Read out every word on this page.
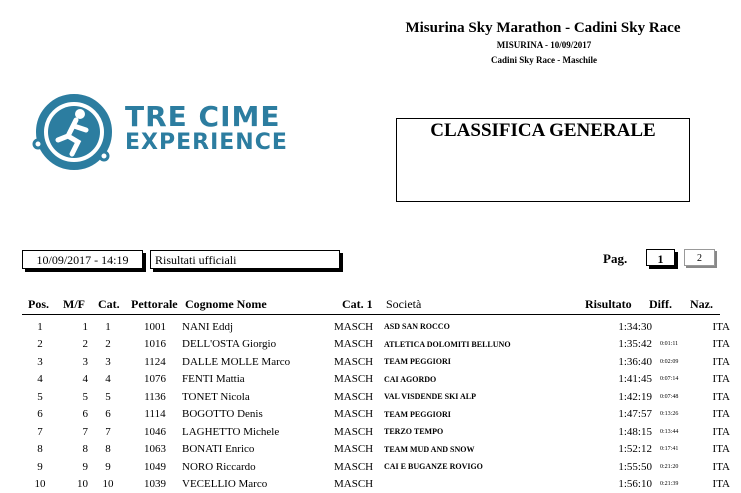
Misurina Sky Marathon - Cadini Sky Race
MISURINA - 10/09/2017
Cadini Sky Race - Maschile
TRE CIME
EXPERIENCE	CLASSIFICA GENERALE
10/09/2017 - 14:19	Risultati ufficiali	Pag.	1	2
Pos. M/F Cat. Pettorale Cognome Nome	Cat. 1 Società	Risultato Diff. Naz.
1	1	1	1001	NANI Eddj	MASCH	ASD SAN ROCCO	1:34:30		ITA
2	2	2	1016	DELL'OSTA Giorgio	MASCH	ATLETICA DOLOMITI BELLUNO	1:35:42	0:01:11	ITA
3	3	3	1124	DALLE MOLLE Marco	MASCH	TEAM PEGGIORI	1:36:40	0:02:09	ITA
4	4	4	1076	FENTI Mattia	MASCH	CAI AGORDO	1:41:45	0:07:14	ITA
5	5	5	1136	TONET Nicola	MASCH	VAL VISDENDE SKI ALP	1:42:19	0:07:48	ITA
6	6	6	1114	BOGOTTO Denis	MASCH	TEAM PEGGIORI	1:47:57	0:13:26	ITA
7	7	7	1046	LAGHETTO Michele	MASCH	TERZO TEMPO	1:48:15	0:13:44	ITA
8	8	8	1063	BONATI Enrico	MASCH	TEAM MUD AND SNOW	1:52:12	0:17:41	ITA
9	9	9	1049	NORO Riccardo	MASCH	CAI E BUGANZE ROVIGO	1:55:50	0:21:20	ITA
10	10	10	1039	VECELLIO Marco	MASCH		1:56:10	0:21:39	ITA
